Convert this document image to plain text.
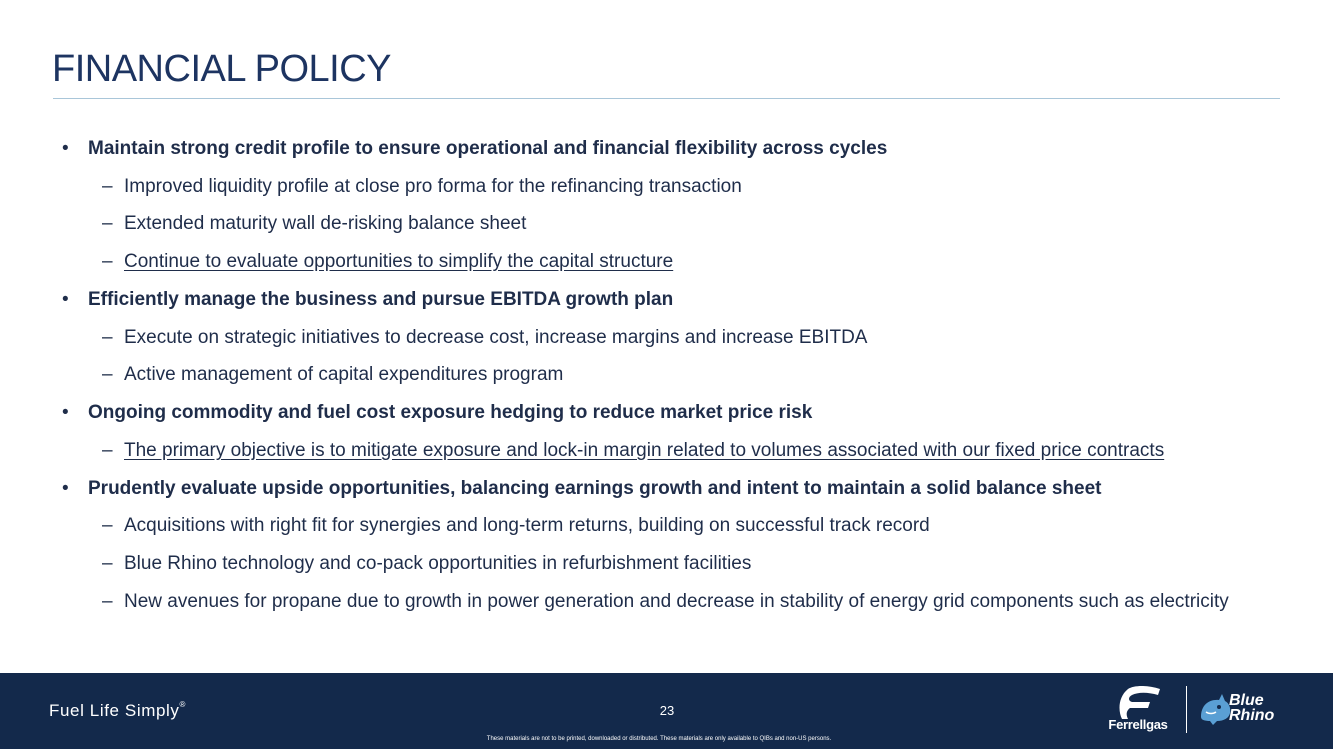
FINANCIAL POLICY
• Maintain strong credit profile to ensure operational and financial flexibility across cycles
– Improved liquidity profile at close pro forma for the refinancing transaction
– Extended maturity wall de-risking balance sheet
– Continue to evaluate opportunities to simplify the capital structure
• Efficiently manage the business and pursue EBITDA growth plan
– Execute on strategic initiatives to decrease cost, increase margins and increase EBITDA
– Active management of capital expenditures program
• Ongoing commodity and fuel cost exposure hedging to reduce market price risk
– The primary objective is to mitigate exposure and lock-in margin related to volumes associated with our fixed price contracts
• Prudently evaluate upside opportunities, balancing earnings growth and intent to maintain a solid balance sheet
– Acquisitions with right fit for synergies and long-term returns, building on successful track record
– Blue Rhino technology and co-pack opportunities in refurbishment facilities
– New avenues for propane due to growth in power generation and decrease in stability of energy grid components such as electricity
Fuel Life Simply®	23
These materials are not to be printed, downloaded or distributed. These materials are only available to QIBs and non-US persons.
Ferrellgas
Blue
Rhino
